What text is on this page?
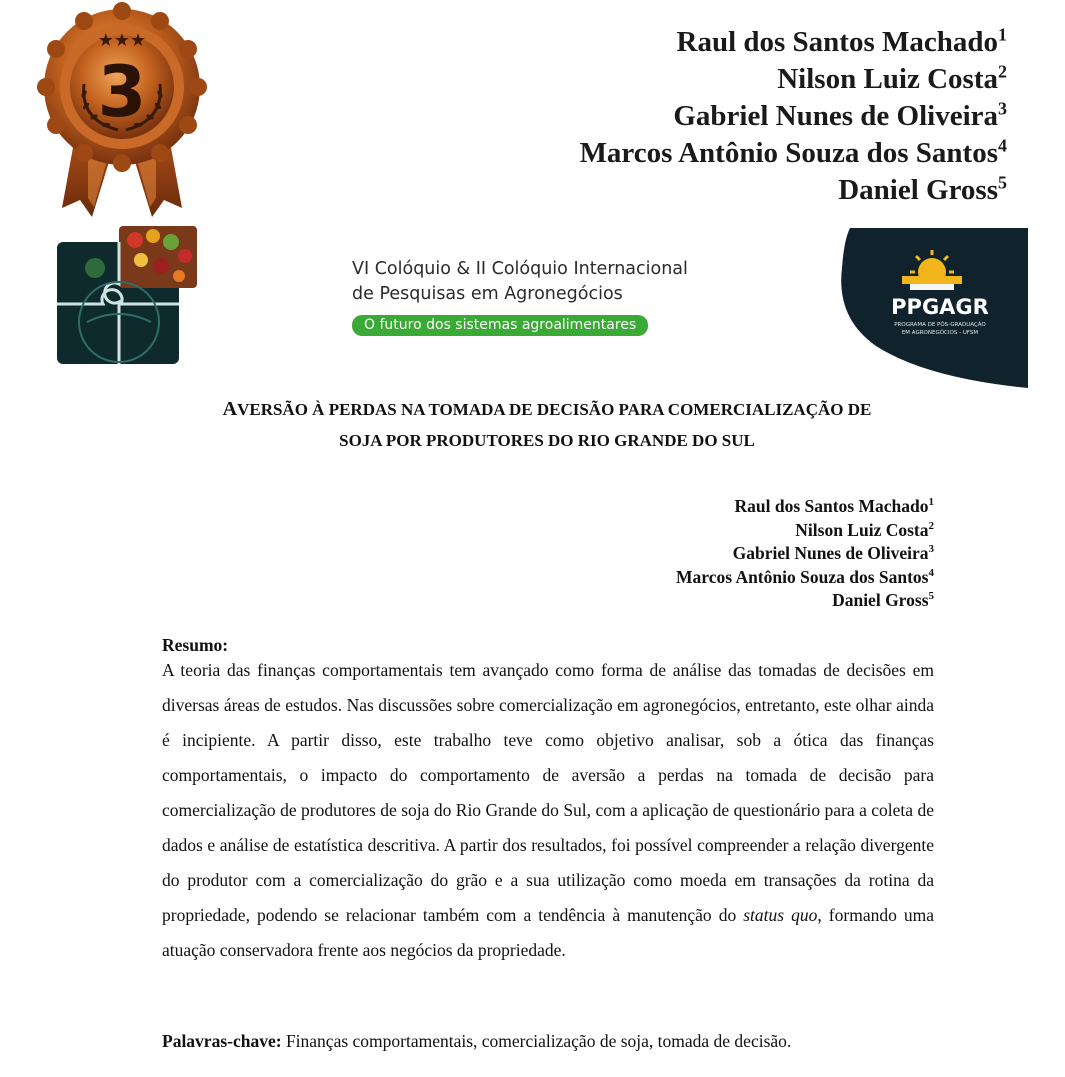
★★★
3
Raul dos Santos Machado$^1$
Nilson Luiz Costa$^2$
Gabriel Nunes de Oliveira$^3$
Marcos Antônio Souza dos Santos$^4$
Daniel Gross$^5$
VI Colóquio & II Colóquio Internacional
de Pesquisas em Agronegócios
O futuro dos sistemas agroalimentares
PPGAGR
PROGRAMA DE PÓS-GRADUAÇÃO
EM AGRONEGÓCIOS - UFSM
AVERSÃO À PERDAS NA TOMADA DE DECISÃO PARA COMERCIALIZAÇÃO DE
SOJA POR PRODUTORES DO RIO GRANDE DO SUL
Raul dos Santos Machado$^1$
Nilson Luiz Costa$^2$
Gabriel Nunes de Oliveira$^3$
Marcos Antônio Souza dos Santos$^4$
Daniel Gross$^5$
Resumo:
A teoria das finanças comportamentais tem avançado como forma de análise das tomadas de decisões em diversas áreas de estudos. Nas discussões sobre comercialização em agronegócios, entretanto, este olhar ainda é incipiente. A partir disso, este trabalho teve como objetivo analisar, sob a ótica das finanças comportamentais, o impacto do comportamento de aversão a perdas na tomada de decisão para comercialização de produtores de soja do Rio Grande do Sul, com a aplicação de questionário para a coleta de dados e análise de estatística descritiva. A partir dos resultados, foi possível compreender a relação divergente do produtor com a comercialização do grão e a sua utilização como moeda em transações da rotina da propriedade, podendo se relacionar também com a tendência à manutenção do status quo, formando uma atuação conservadora frente aos negócios da propriedade.
Palavras-chave: Finanças comportamentais, comercialização de soja, tomada de decisão.
